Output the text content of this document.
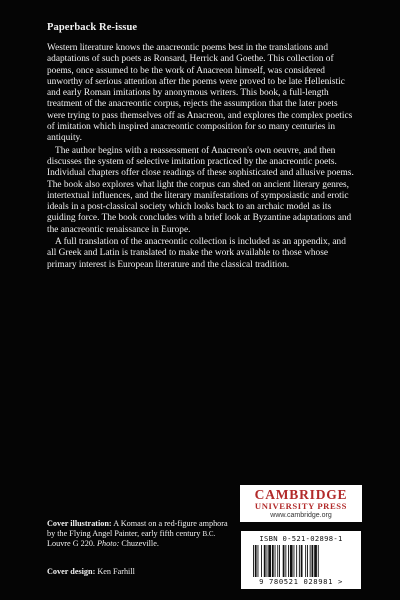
Paperback Re-issue

Western literature knows the anacreontic poems best in the translations and adaptations of such poets as Ronsard, Herrick and Goethe. This collection of poems, once assumed to be the work of Anacreon himself, was considered unworthy of serious attention after the poems were proved to be late Hellenistic and early Roman imitations by anonymous writers. This book, a full-length treatment of the anacreontic corpus, rejects the assumption that the later poets were trying to pass themselves off as Anacreon, and explores the complex poetics of imitation which inspired anacreontic composition for so many centuries in antiquity.

The author begins with a reassessment of Anacreon's own oeuvre, and then discusses the system of selective imitation practiced by the anacreontic poets. Individual chapters offer close readings of these sophisticated and allusive poems. The book also explores what light the corpus can shed on ancient literary genres, intertextual influences, and the literary manifestations of symposiastic and erotic ideals in a post-classical society which looks back to an archaic model as its guiding force. The book concludes with a brief look at Byzantine adaptations and the anacreontic renaissance in Europe.

A full translation of the anacreontic collection is included as an appendix, and all Greek and Latin is translated to make the work available to those whose primary interest is European literature and the classical tradition.

Cover illustration: A Komast on a red-figure amphora by the Flying Angel Painter, early fifth century B.C. Louvre G 220. Photo: Chuzeville.
Cover design: Ken Farhill
CAMBRIDGE
UNIVERSITY PRESS
www.cambridge.org
ISBN 0-521-02898-1
9 780521 028981 >
